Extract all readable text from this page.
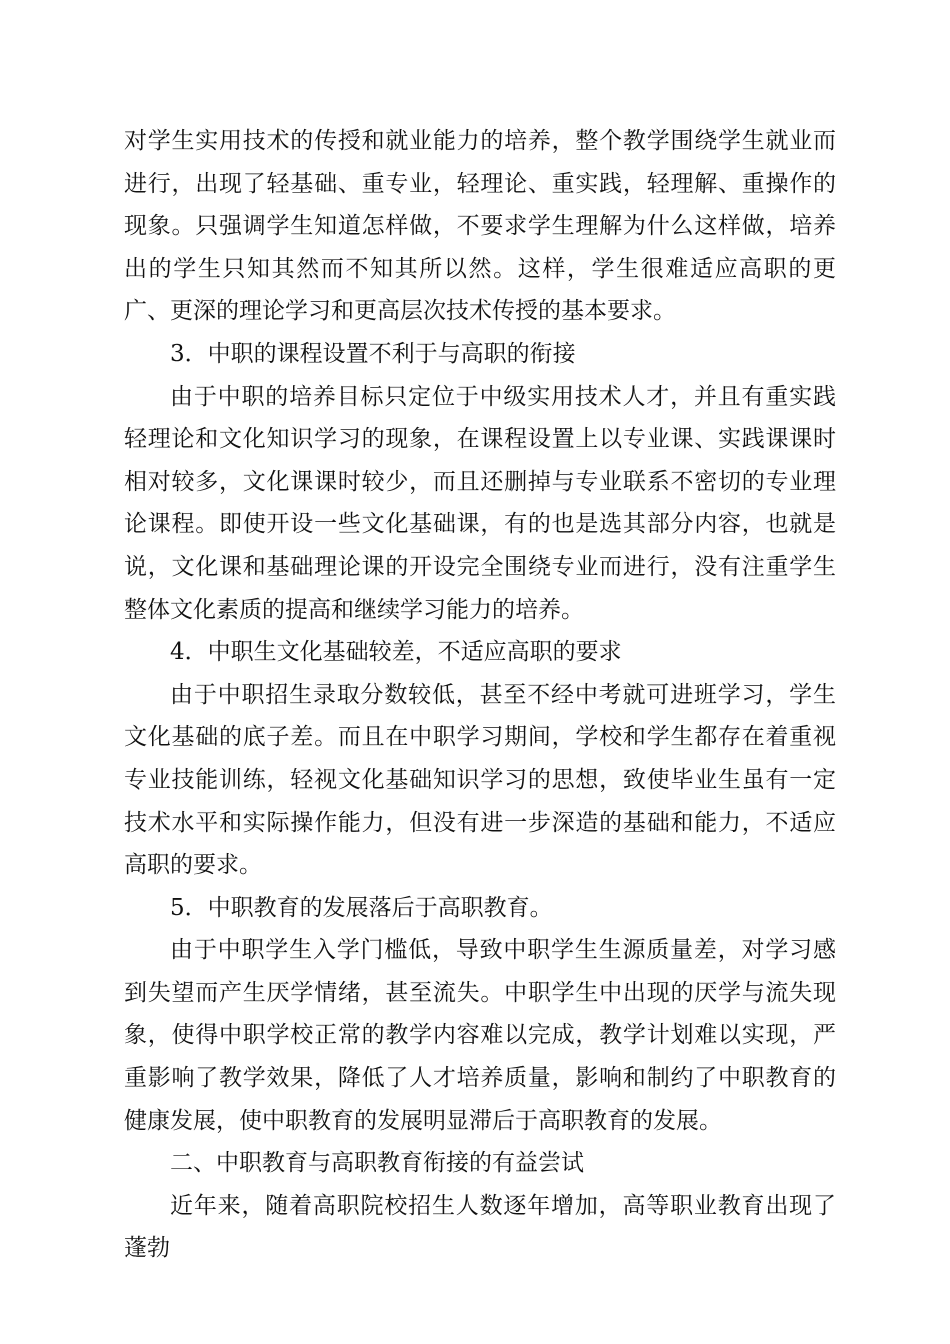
对学生实用技术的传授和就业能力的培养，整个教学围绕学生就业而进行，出现了轻基础、重专业，轻理论、重实践，轻理解、重操作的现象。只强调学生知道怎样做，不要求学生理解为什么这样做，培养出的学生只知其然而不知其所以然。这样，学生很难适应高职的更广、更深的理论学习和更高层次技术传授的基本要求。

3．中职的课程设置不利于与高职的衔接

由于中职的培养目标只定位于中级实用技术人才，并且有重实践轻理论和文化知识学习的现象，在课程设置上以专业课、实践课课时相对较多，文化课课时较少，而且还删掉与专业联系不密切的专业理论课程。即使开设一些文化基础课，有的也是选其部分内容，也就是说，文化课和基础理论课的开设完全围绕专业而进行，没有注重学生整体文化素质的提高和继续学习能力的培养。

4．中职生文化基础较差，不适应高职的要求

由于中职招生录取分数较低，甚至不经中考就可进班学习，学生文化基础的底子差。而且在中职学习期间，学校和学生都存在着重视专业技能训练，轻视文化基础知识学习的思想，致使毕业生虽有一定技术水平和实际操作能力，但没有进一步深造的基础和能力，不适应高职的要求。

5．中职教育的发展落后于高职教育。

由于中职学生入学门槛低，导致中职学生生源质量差，对学习感到失望而产生厌学情绪，甚至流失。中职学生中出现的厌学与流失现象，使得中职学校正常的教学内容难以完成，教学计划难以实现，严重影响了教学效果，降低了人才培养质量，影响和制约了中职教育的健康发展，使中职教育的发展明显滞后于高职教育的发展。

二、中职教育与高职教育衔接的有益尝试

近年来，随着高职院校招生人数逐年增加，高等职业教育出现了蓬勃
